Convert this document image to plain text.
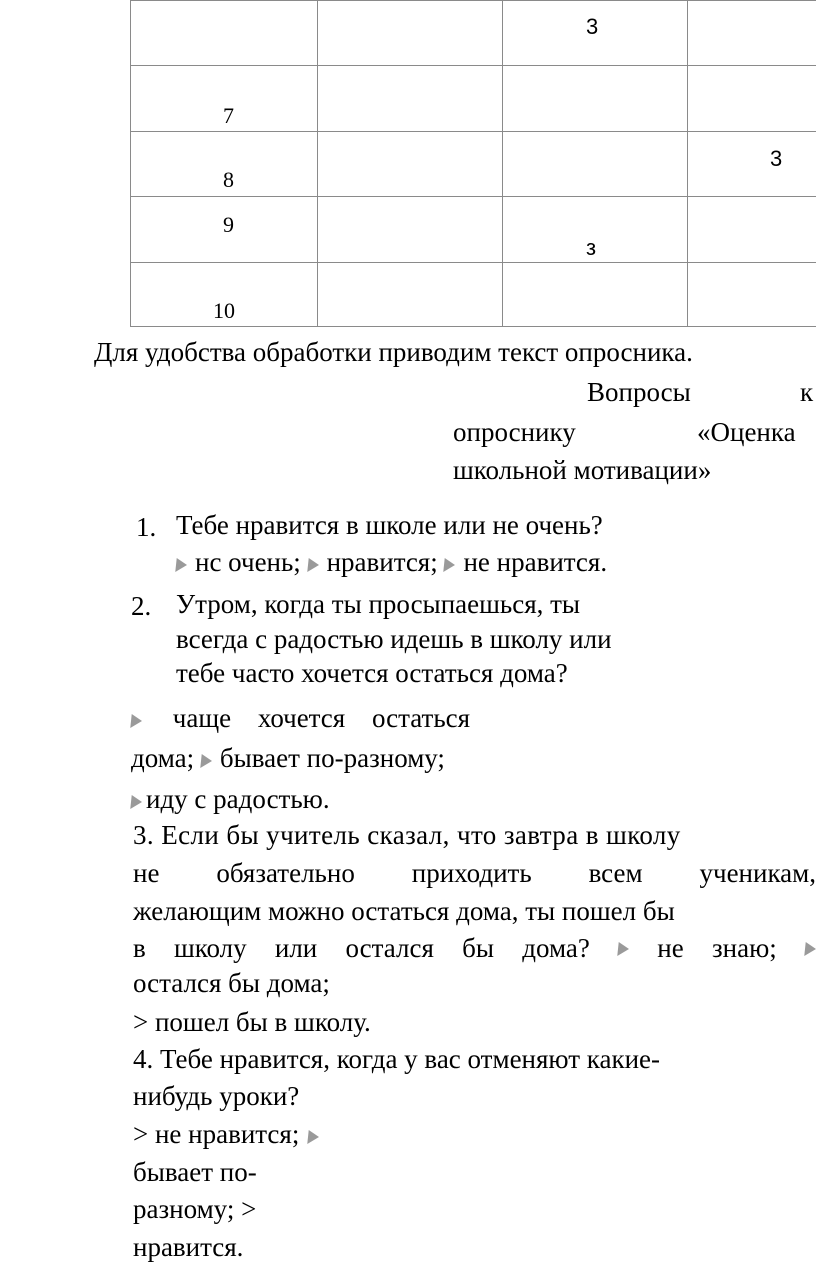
3
7
8
3
9
з
10
Для удобства обработки приводим текст опросника.
Вопросы	к
опроснику	«Оценка
школьной мотивации»
1. Тебе нравится в школе или не очень?
нс очень; нравится; не нравится.
2. Утром, когда ты просыпаешься, ты
всегда с радостью идешь в школу или
тебе часто хочется остаться дома?
чаще хочется остаться
дома; бывает по-разному;
иду с радостью.
3. Если бы учитель сказал, что завтра в школу
не обязательно приходить всем ученикам,
желающим можно остаться дома, ты пошел бы
в школу или остался бы дома? не знаю;
остался бы дома;
> пошел бы в школу.
4. Тебе нравится, когда у вас отменяют какие-
нибудь уроки?
> не нравится;
бывает по-
разному; >
нравится.
